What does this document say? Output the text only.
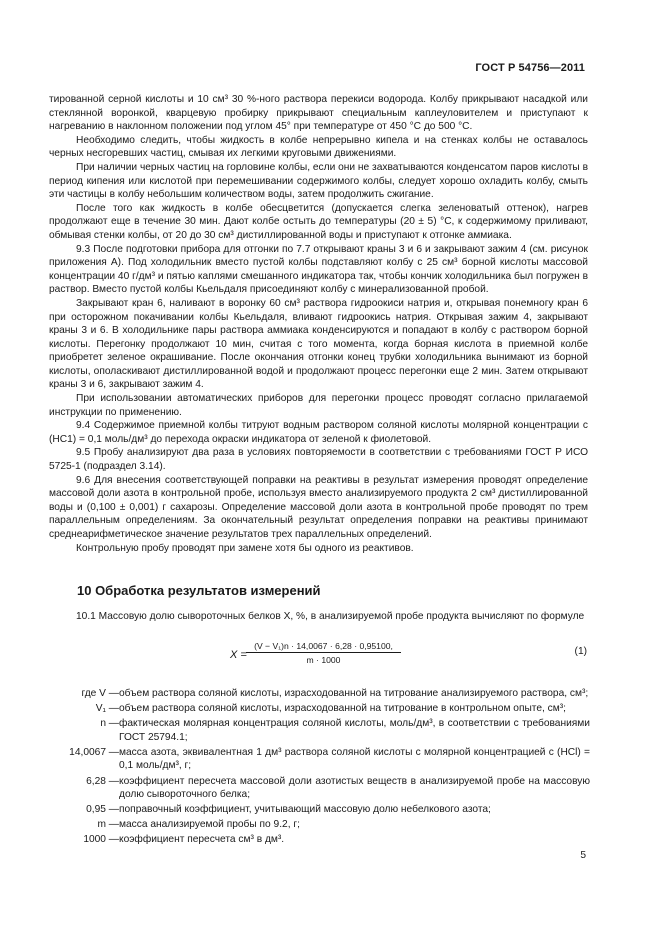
ГОСТ Р 54756—2011

тированной серной кислоты и 10 см³ 30 %-ного раствора перекиси водорода. Колбу прикрывают насадкой или стеклянной воронкой, кварцевую пробирку прикрывают специальным каплеуловителем и приступают к нагреванию в наклонном положении под углом 45° при температуре от 450 °С до 500 °С.

Необходимо следить, чтобы жидкость в колбе непрерывно кипела и на стенках колбы не оставалось черных несгоревших частиц, смывая их легкими круговыми движениями.

При наличии черных частиц на горловине колбы, если они не захватываются конденсатом паров кислоты в период кипения или кислотой при перемешивании содержимого колбы, следует хорошо охладить колбу, смыть эти частицы в колбу небольшим количеством воды, затем продолжить сжигание.

После того как жидкость в колбе обесцветится (допускается слегка зеленоватый оттенок), нагрев продолжают еще в течение 30 мин. Дают колбе остыть до температуры (20 ± 5) °С, к содержимому приливают, обмывая стенки колбы, от 20 до 30 см³ дистиллированной воды и приступают к отгонке аммиака.

9.3 После подготовки прибора для отгонки по 7.7 открывают краны 3 и 6 и закрывают зажим 4 (см. рисунок приложения А). Под холодильник вместо пустой колбы подставляют колбу с 25 см³ борной кислоты массовой концентрации 40 г/дм³ и пятью каплями смешанного индикатора так, чтобы кончик холодильника был погружен в раствор. Вместо пустой колбы Кьельдаля присоединяют колбу с минерализованной пробой.

Закрывают кран 6, наливают в воронку 60 см³ раствора гидроокиси натрия и, открывая понемногу кран 6 при осторожном покачивании колбы Кьельдаля, вливают гидроокись натрия. Открывая зажим 4, закрывают краны 3 и 6. В холодильнике пары раствора аммиака конденсируются и попадают в колбу с раствором борной кислоты. Перегонку продолжают 10 мин, считая с того момента, когда борная кислота в приемной колбе приобретет зеленое окрашивание. После окончания отгонки конец трубки холодильника вынимают из борной кислоты, ополаскивают дистиллированной водой и продолжают процесс перегонки еще 2 мин. Затем открывают краны 3 и 6, закрывают зажим 4.

При использовании автоматических приборов для перегонки процесс проводят согласно прилагаемой инструкции по применению.

9.4 Содержимое приемной колбы титруют водным раствором соляной кислоты молярной концентрации с (НС1) = 0,1 моль/дм³ до перехода окраски индикатора от зеленой к фиолетовой.

9.5 Пробу анализируют два раза в условиях повторяемости в соответствии с требованиями ГОСТ Р ИСО 5725-1 (подраздел 3.14).

9.6 Для внесения соответствующей поправки на реактивы в результат измерения проводят определение массовой доли азота в контрольной пробе, используя вместо анализируемого продукта 2 см³ дистиллированной воды и (0,100 ± 0,001) г сахарозы. Определение массовой доли азота в контрольной пробе проводят по трем параллельным определениям. За окончательный результат определения поправки на реактивы принимают среднеарифметическое значение результатов трех параллельных определений.

Контрольную пробу проводят при замене хотя бы одного из реактивов.

10 Обработка результатов измерений

10.1 Массовую долю сывороточных белков X, %, в анализируемой пробе продукта вычисляют по формуле

$X = \frac{\text{(V − V₁)n · 14,0067 · 6,28 · 0,95100,}}{m \cdot 1000}$	(1)
где V — объем раствора соляной кислоты, израсходованной на титрование анализируемого раствора, см³;
V₁ — объем раствора соляной кислоты, израсходованной на титрование в контрольном опыте, см³;
n — фактическая молярная концентрация соляной кислоты, моль/дм³, в соответствии с требованиями ГОСТ 25794.1;
14,0067 — масса азота, эквивалентная 1 дм³ раствора соляной кислоты с молярной концентрацией с (НСl) = 0,1 моль/дм³, г;
6,28 — коэффициент пересчета массовой доли азотистых веществ в анализируемой пробе на массовую долю сывороточного белка;
0,95 — поправочный коэффициент, учитывающий массовую долю небелкового азота;
m — масса анализируемой пробы по 9.2, г;
1000 — коэффициент пересчета см³ в дм³.
5
